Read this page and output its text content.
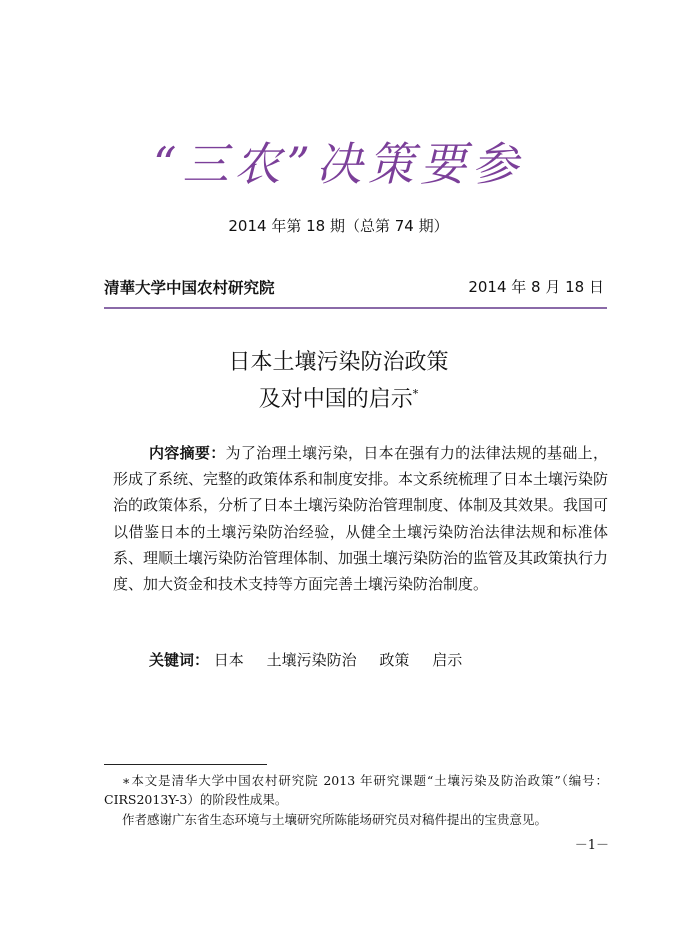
“三农”决策要参
2014 年第 18 期（总第 74 期）
清華大学中国农村研究院	2014 年 8 月 18 日
日本土壤污染防治政策
及对中国的启示*

内容摘要：为了治理土壤污染，日本在强有力的法律法规的基础上，形成了系统、完整的政策体系和制度安排。本文系统梳理了日本土壤污染防治的政策体系，分析了日本土壤污染防治管理制度、体制及其效果。我国可以借鉴日本的土壤污染防治经验，从健全土壤污染防治法律法规和标准体系、理顺土壤污染防治管理体制、加强土壤污染防治的监管及其政策执行力度、加大资金和技术支持等方面完善土壤污染防治制度。

关键词： 日本 土壤污染防治 政策 启示

∗本文是清华大学中国农村研究院 2013 年研究课题“土壤污染及防治政策”（编号：CIRS2013Y-3）的阶段性成果。

作者感谢广东省生态环境与土壤研究所陈能场研究员对稿件提出的宝贵意见。

－1－
